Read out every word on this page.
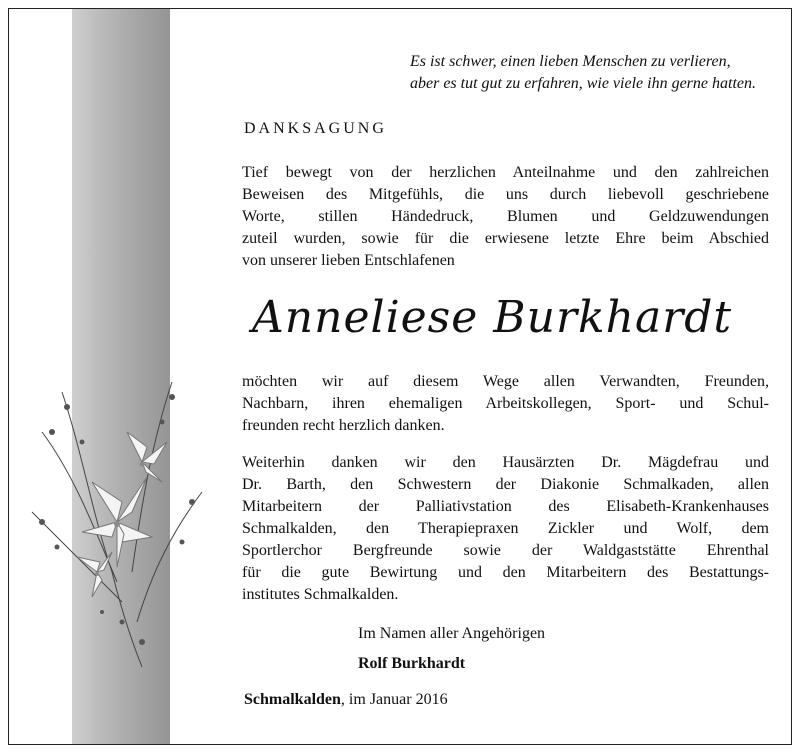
Es ist schwer, einen lieben Menschen zu verlieren,
aber es tut gut zu erfahren, wie viele ihn gerne hatten.
DANKSAGUNG
Tief bewegt von der herzlichen Anteilnahme und den zahlreichen
Beweisen des Mitgefühls, die uns durch liebevoll geschriebene
Worte, stillen Händedruck, Blumen und Geldzuwendungen
zuteil wurden, sowie für die erwiesene letzte Ehre beim Abschied
von unserer lieben Entschlafenen
Anneliese Burkhardt
möchten wir auf diesem Wege allen Verwandten, Freunden,
Nachbarn, ihren ehemaligen Arbeitskollegen, Sport- und Schul-
freunden recht herzlich danken.
Weiterhin danken wir den Hausärzten Dr. Mägdefrau und
Dr. Barth, den Schwestern der Diakonie Schmalkaden, allen
Mitarbeitern der Palliativstation des Elisabeth-Krankenhauses
Schmalkalden, den Therapiepraxen Zickler und Wolf, dem
Sportlerchor Bergfreunde sowie der Waldgaststätte Ehrenthal
für die gute Bewirtung und den Mitarbeitern des Bestattungs-
institutes Schmalkalden.
Im Namen aller Angehörigen
Rolf Burkhardt
Schmalkalden, im Januar 2016
